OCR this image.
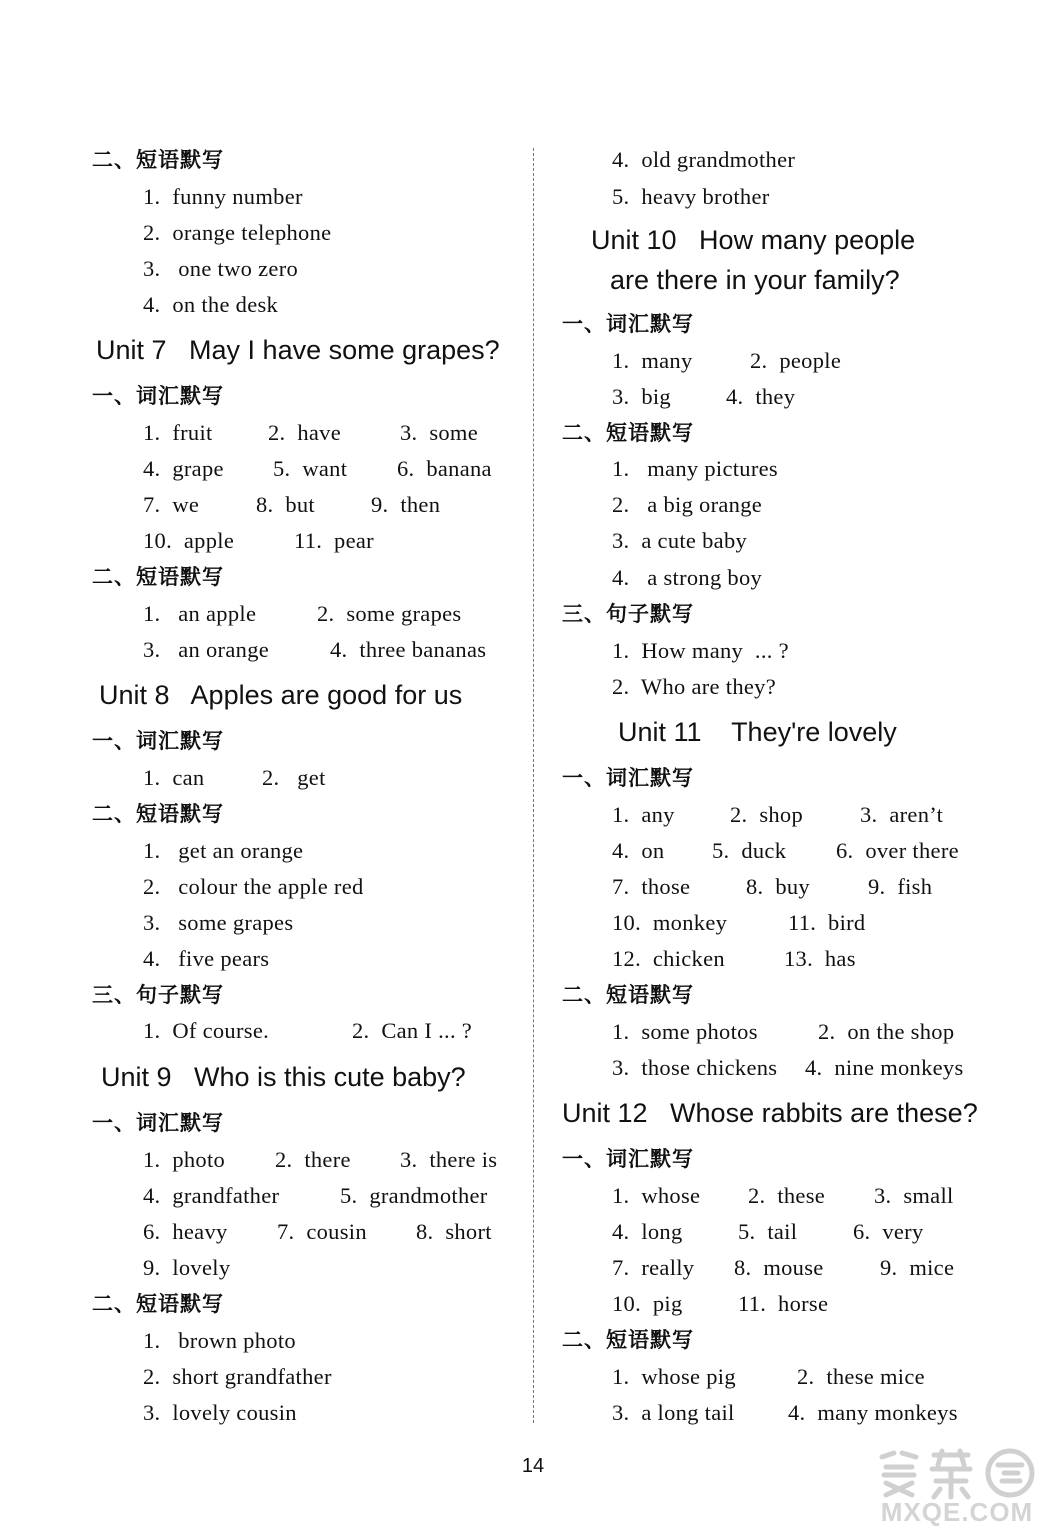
二、短语默写
1.  funny number
2.  orange telephone
3.   one two zero
4.  on the desk
Unit 7   May I have some grapes?
一、词汇默写
1.  fruit 2.  have	3.  some
4.  grape 5.  want 6.  banana
7.  we	8.  but 9.  then
10.  apple	11.  pear
二、短语默写
1.   an apple	2.  some grapes
3.   an orange	4.  three bananas
Unit 8   Apples are good for us
一、词汇默写
1.  can	2.   get
二、短语默写
1.   get an orange
2.   colour the apple red
3.   some grapes
4.   five pears
三、句子默写
1.  Of course.	2.  Can I ... ?
Unit 9   Who is this cute baby?
一、词汇默写
1.  photo 2.  there 3.  there is
4.  grandfather	5.  grandmother
6.  heavy 7.  cousin 8.  short
9.  lovely
二、短语默写
1.   brown photo
2.  short grandfather
3.  lovely cousin
4.  old grandmother
5.  heavy brother
Unit 10   How many people
are there in your family?
一、词汇默写
1.  many	2.  people
3.  big 4.  they
二、短语默写
1.   many pictures
2.   a big orange
3.  a cute baby
4.   a strong boy
三、句子默写
1.  How many  ... ?
2.  Who are they?
Unit 11    They're lovely
一、词汇默写
1.  any 2.  shop	3.  aren’t
4.  on 5.  duck 6.  over there
7.  those 8.  buy	9.  fish
10.  monkey	11.  bird
12.  chicken	13.  has
二、短语默写
1.  some photos	2.  on the shop
3.  those chickens 4.  nine monkeys
Unit 12   Whose rabbits are these?
一、词汇默写
1.  whose 2.  these 3.  small
4.  long 5.  tail 6.  very
7.  really 8.  mouse	9.  mice
10.  pig 11.  horse
二、短语默写
1.  whose pig	2.  these mice
3.  a long tail 4.  many monkeys
14
MXQE.COM
